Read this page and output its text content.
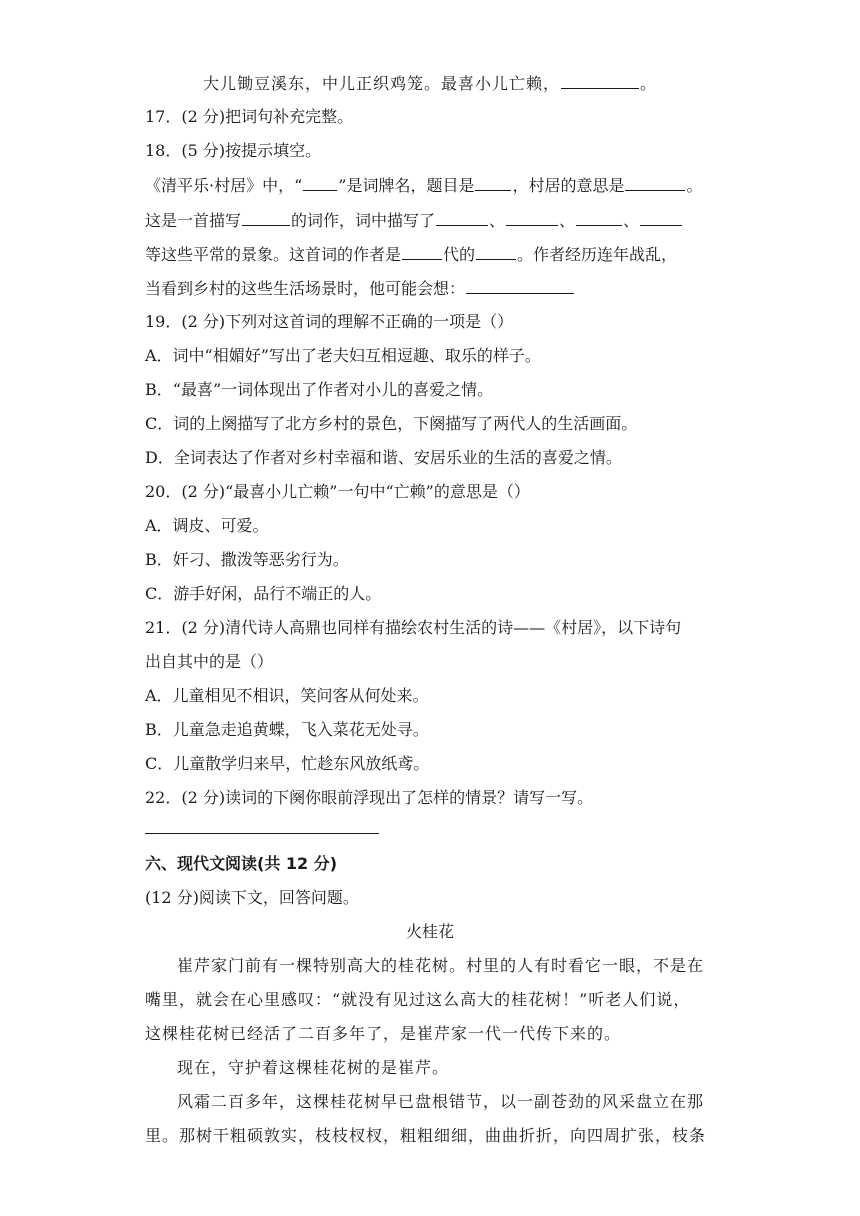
大儿锄豆溪东，中儿正织鸡笼。最喜小儿亡赖，	。
17．(2 分)把词句补充完整。
18．(5 分)按提示填空。
《清平乐·村居》中，“ ”是词牌名，题目是 ，村居的意思是	。
这是一首描写	的词作，词中描写了	、	、	、
等这些平常的景象。这首词的作者是	代的	。作者经历连年战乱，
当看到乡村的这些生活场景时，他可能会想：
19．(2 分)下列对这首词的理解不正确的一项是（）
A．词中“相媚好”写出了老夫妇互相逗趣、取乐的样子。
B．“最喜”一词体现出了作者对小儿的喜爱之情。
C．词的上阕描写了北方乡村的景色，下阕描写了两代人的生活画面。
D．全词表达了作者对乡村幸福和谐、安居乐业的生活的喜爱之情。
20．(2 分)“最喜小儿亡赖”一句中“亡赖”的意思是（）
A．调皮、可爱。
B．奸刁、撒泼等恶劣行为。
C．游手好闲，品行不端正的人。
21．(2 分)清代诗人高鼎也同样有描绘农村生活的诗——《村居》，以下诗句
出自其中的是（）
A．儿童相见不相识，笑问客从何处来。
B．儿童急走追黄蝶，飞入菜花无处寻。
C．儿童散学归来早，忙趁东风放纸鸢。
22．(2 分)读词的下阕你眼前浮现出了怎样的情景？请写一写。
六、现代文阅读(共 12 分)
(12 分)阅读下文，回答问题。
火桂花
崔芹家门前有一棵特别高大的桂花树。村里的人有时看它一眼，不是在
嘴里，就会在心里感叹：“就没有见过这么高大的桂花树！”听老人们说，
这棵桂花树已经活了二百多年了，是崔芹家一代一代传下来的。
现在，守护着这棵桂花树的是崔芹。
风霜二百多年，这棵桂花树早已盘根错节，以一副苍劲的风采盘立在那
里。那树干粗硕敦实，枝枝杈杈，粗粗细细，曲曲折折，向四周扩张，枝条
